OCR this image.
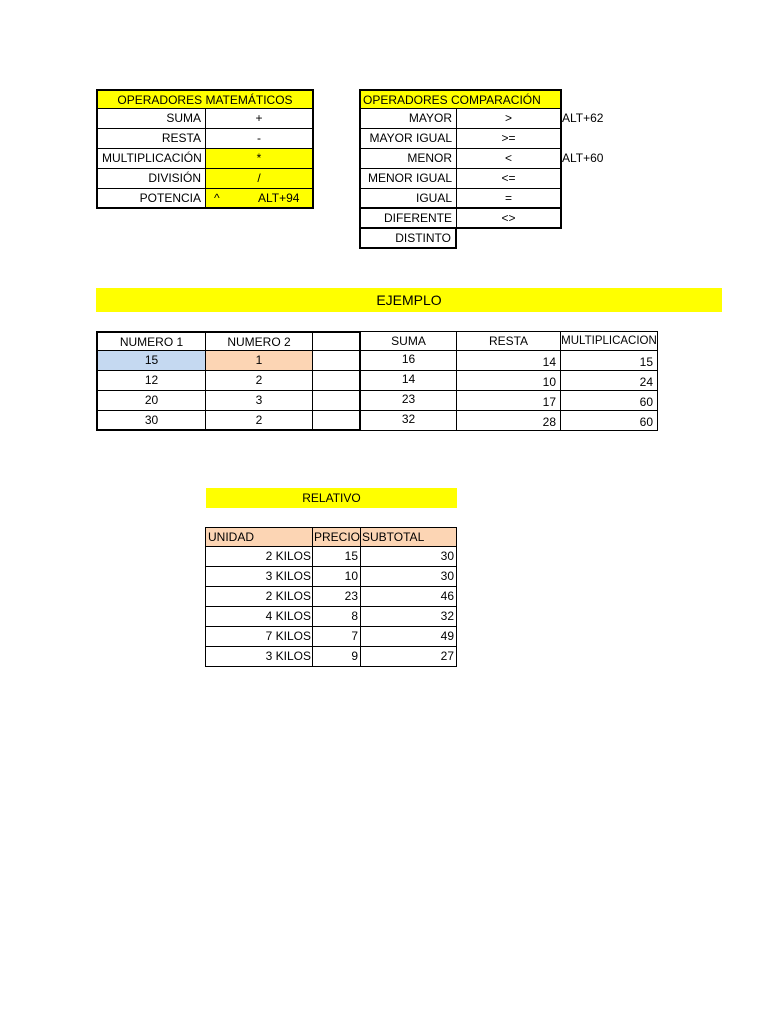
OPERADORES MATEMÁTICOS
SUMA	+
RESTA	-
MULTIPLICACIÓN	*
DIVISIÓN	/
POTENCIA	^	ALT+94
OPERADORES COMPARACIÓN
MAYOR	>	ALT+62
MAYOR IGUAL	>=
MENOR	<	ALT+60
MENOR IGUAL	<=
IGUAL	=
DIFERENTE	<>
DISTINTO
EJEMPLO
NUMERO 1	NUMERO 2	SUMA	RESTA	MULTIPLICACION
15	1	16	14	15
12	2	14	10	24
20	3	23	17	60
30	2	32	28	60
RELATIVO
UNIDAD	PRECIO SUBTOTAL
2 KILOS	15	30
3 KILOS	10	30
2 KILOS	23	46
4 KILOS	8	32
7 KILOS	7	49
3 KILOS	9	27
